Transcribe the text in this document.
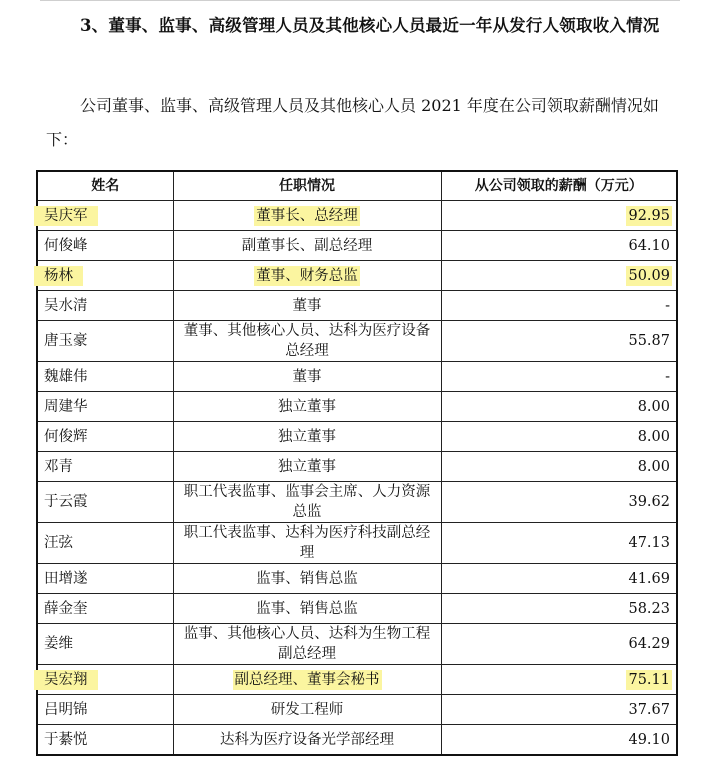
3、董事、监事、高级管理人员及其他核心人员最近一年从发行人领取收入情况
公司董事、监事、高级管理人员及其他核心人员 2021 年度在公司领取薪酬情况如下：
姓名	任职情况	从公司领取的薪酬（万元）
吴庆军	董事长、总经理	92.95
何俊峰	副董事长、副总经理	64.10
杨林	董事、财务总监	50.09
吴水清	董事	-
唐玉豪	董事、其他核心人员、达科为医疗设备总经理	55.87
魏雄伟	董事	-
周建华	独立董事	8.00
何俊辉	独立董事	8.00
邓青	独立董事	8.00
于云霞	职工代表监事、监事会主席、人力资源总监	39.62
汪弦	职工代表监事、达科为医疗科技副总经理	47.13
田增遂	监事、销售总监	41.69
薛金奎	监事、销售总监	58.23
姜维	监事、其他核心人员、达科为生物工程副总经理	64.29
吴宏翔	副总经理、董事会秘书	75.11
吕明锦	研发工程师	37.67
于綦悦	达科为医疗设备光学部经理	49.10
